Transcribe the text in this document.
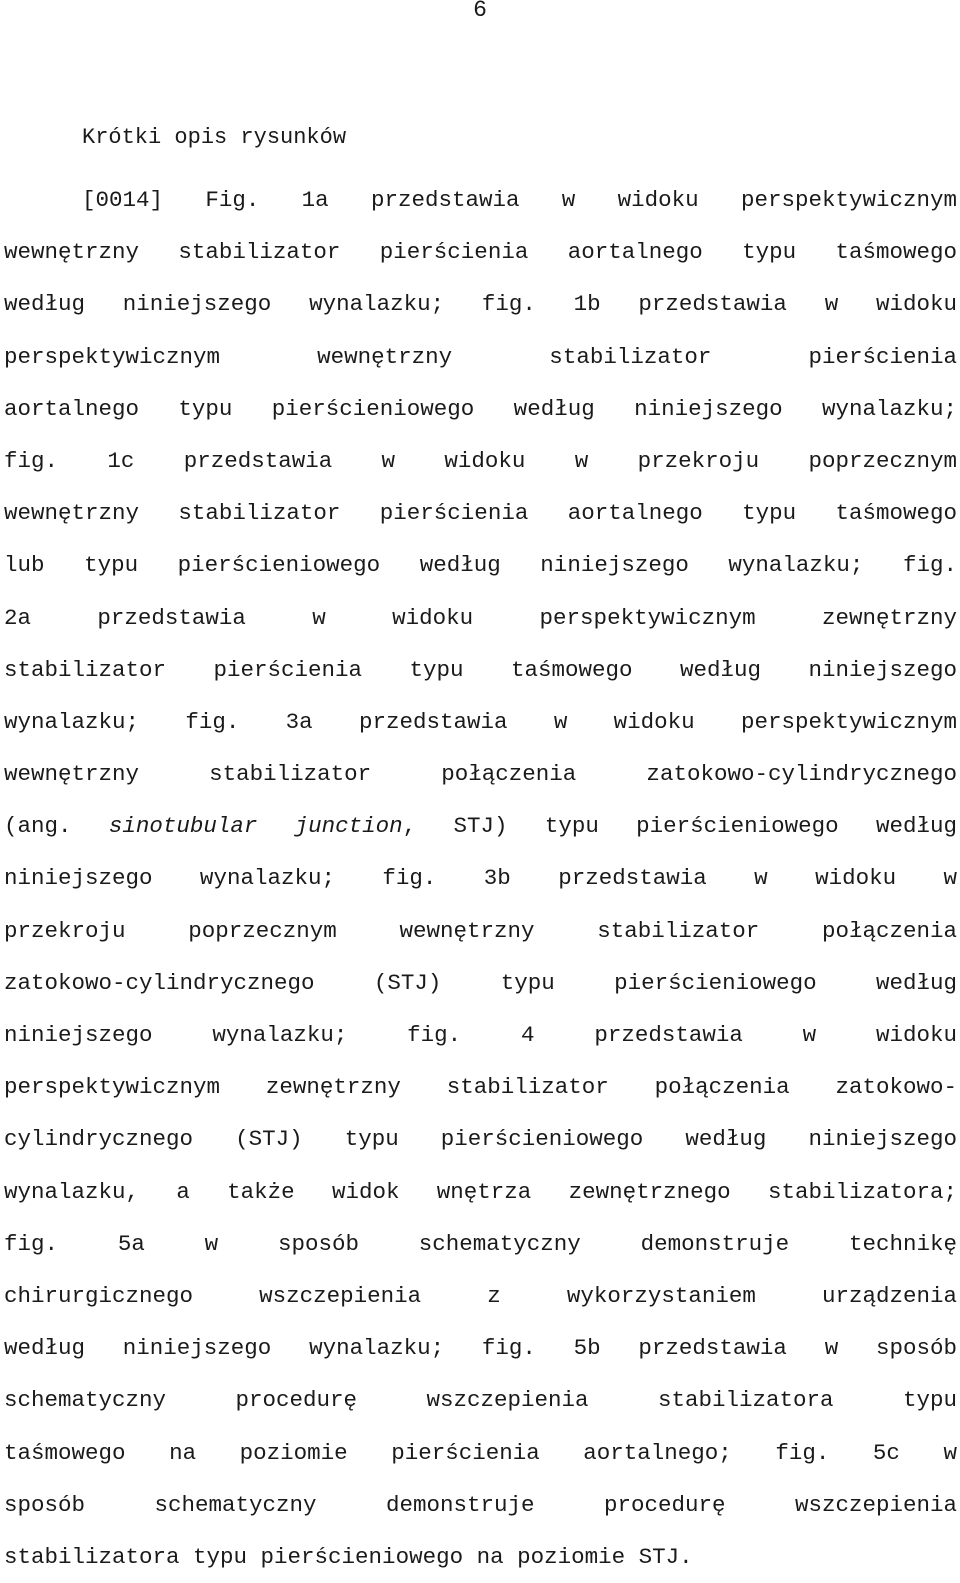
6
Krótki opis rysunków
[0014] Fig. 1a przedstawia w widoku perspektywicznym
wewnętrzny stabilizator pierścienia aortalnego typu taśmowego
według niniejszego wynalazku; fig. 1b przedstawia w widoku
perspektywicznym wewnętrzny stabilizator pierścienia
aortalnego typu pierścieniowego według niniejszego wynalazku;
fig. 1c przedstawia w widoku w przekroju poprzecznym
wewnętrzny stabilizator pierścienia aortalnego typu taśmowego
lub typu pierścieniowego według niniejszego wynalazku; fig.
2a przedstawia w widoku perspektywicznym zewnętrzny
stabilizator pierścienia typu taśmowego według niniejszego
wynalazku; fig. 3a przedstawia w widoku perspektywicznym
wewnętrzny stabilizator połączenia zatokowo-cylindrycznego
(ang. sinotubular junction, STJ) typu pierścieniowego według
niniejszego wynalazku; fig. 3b przedstawia w widoku w
przekroju poprzecznym wewnętrzny stabilizator połączenia
zatokowo-cylindrycznego (STJ) typu pierścieniowego według
niniejszego wynalazku; fig. 4 przedstawia w widoku
perspektywicznym zewnętrzny stabilizator połączenia zatokowo-
cylindrycznego (STJ) typu pierścieniowego według niniejszego
wynalazku, a także widok wnętrza zewnętrznego stabilizatora;
fig. 5a w sposób schematyczny demonstruje technikę
chirurgicznego wszczepienia z wykorzystaniem urządzenia
według niniejszego wynalazku; fig. 5b przedstawia w sposób
schematyczny procedurę wszczepienia stabilizatora typu
taśmowego na poziomie pierścienia aortalnego; fig. 5c w
sposób schematyczny demonstruje procedurę wszczepienia
stabilizatora typu pierścieniowego na poziomie STJ.
